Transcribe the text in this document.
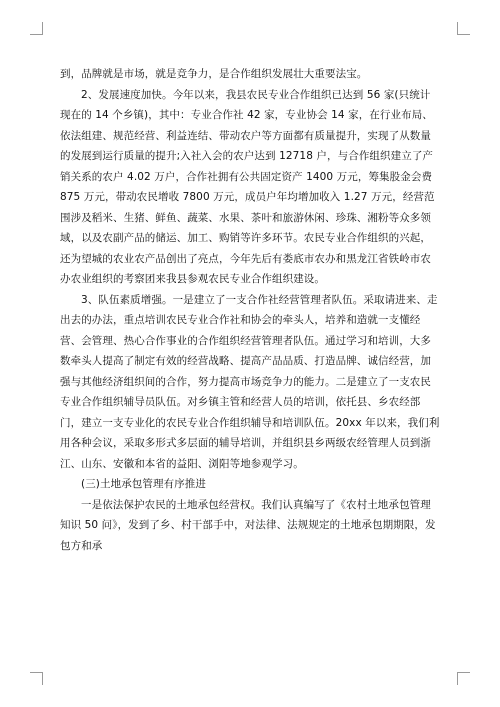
到，品牌就是市场，就是竞争力，是合作组织发展壮大重要法宝。

2、发展速度加快。今年以来，我县农民专业合作组织已达到 56 家(只统计现在的 14 个乡镇)，其中：专业合作社 42 家，专业协会 14 家，在行业布局、依法组建、规范经营、利益连结、带动农户等方面都有质量提升，实现了从数量的发展到运行质量的提升;入社入会的农户达到 12718 户，与合作组织建立了产销关系的农户 4.02 万户，合作社拥有公共固定资产 1400 万元，筹集股金会费 875 万元，带动农民增收 7800 万元，成员户年均增加收入 1.27 万元，经营范围涉及稻米、生猪、鲜鱼、蔬菜、水果、茶叶和旅游休闲、珍珠、湘粉等众多领域，以及农副产品的储运、加工、购销等许多环节。农民专业合作组织的兴起，还为望城的农业农产品创出了亮点，今年先后有娄底市农办和黑龙江省铁岭市农办农业组织的考察团来我县参观农民专业合作组织建设。

3、队伍素质增强。一是建立了一支合作社经营管理者队伍。采取请进来、走出去的办法，重点培训农民专业合作社和协会的牵头人，培养和造就一支懂经营、会管理、热心合作事业的合作组织经营管理者队伍。通过学习和培训，大多数牵头人提高了制定有效的经营战略、提高产品品质、打造品牌、诚信经营，加强与其他经济组织间的合作，努力提高市场竞争力的能力。二是建立了一支农民专业合作组织辅导员队伍。对乡镇主管和经营人员的培训，依托县、乡农经部门，建立一支专业化的农民专业合作组织辅导和培训队伍。20xx 年以来，我们利用各种会议，采取多形式多层面的辅导培训，并组织县乡两级农经管理人员到浙江、山东、安徽和本省的益阳、浏阳等地参观学习。

(三)土地承包管理有序推进

一是依法保护农民的土地承包经营权。我们认真编写了《农村土地承包管理知识 50 问》，发到了乡、村干部手中，对法律、法规规定的土地承包期期限，发包方和承
